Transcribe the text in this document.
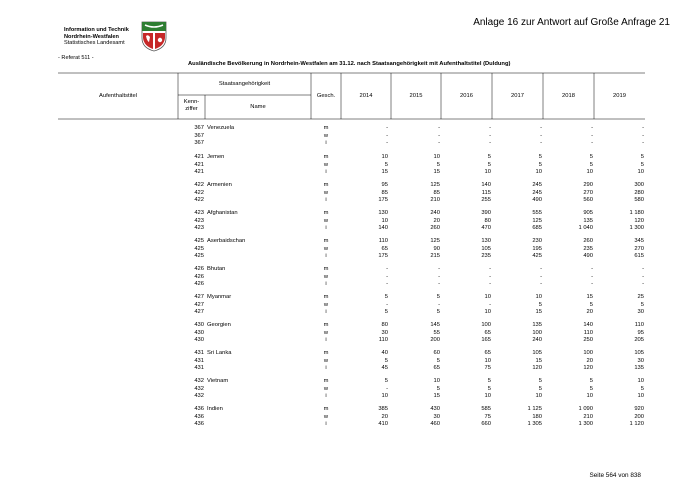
Information und Technik
Nordrhein-Westfalen
Statistisches Landesamt
Anlage 16 zur Antwort auf Große Anfrage 21
- Referat 511 -
Ausländische Bevölkerung in Nordrhein-Westfalen am 31.12. nach Staatsangehörigkeit mit Aufenthaltstitel (Duldung)
Aufenthaltstitel
Staatsangehörigkeit
Kenn-
ziffer	Name
Gesch.	2014	2015	2016	2017	2018	2019
367 Venezuela	m	-	-	-	-	-	-
367	w	-	-	-	-	-	-
367	i	-	-	-	-	-	-
421 Jemen	m	10	10	5	5	5	5
421	w	5	5	5	5	5	5
421	i	15	15	10	10	10	10
422 Armenien	m	95	125	140	245	290	300
422	w	85	85	115	245	270	280
422	i	175	210	255	490	560	580
423 Afghanistan	m	130	240	390	555	905	1 180
423	w	10	20	80	125	135	120
423	i	140	260	470	685	1 040	1 300
425 Aserbaidschan	m	110	125	130	230	260	345
425	w	65	90	105	195	235	270
425	i	175	215	235	425	490	615
426 Bhutan	m	-	-	-	-	-	-
426	w	-	-	-	-	-	-
426	i	-	-	-	-	-	-
427 Myanmar	m	5	5	10	10	15	25
427	w	-	-	-	5	5	5
427	i	5	5	10	15	20	30
430 Georgien	m	80	145	100	135	140	110
430	w	30	55	65	100	110	95
430	i	110	200	165	240	250	205
431 Sri Lanka	m	40	60	65	105	100	105
431	w	5	5	10	15	20	30
431	i	45	65	75	120	120	135
432 Vietnam	m	5	10	5	5	5	10
432	w	-	5	5	5	5	5
432	i	10	15	10	10	10	10
436 Indien	m	385	430	585	1 125	1 090	920
436	w	20	30	75	180	210	200
436	i	410	460	660	1 305	1 300	1 120
Seite 564 von 838
